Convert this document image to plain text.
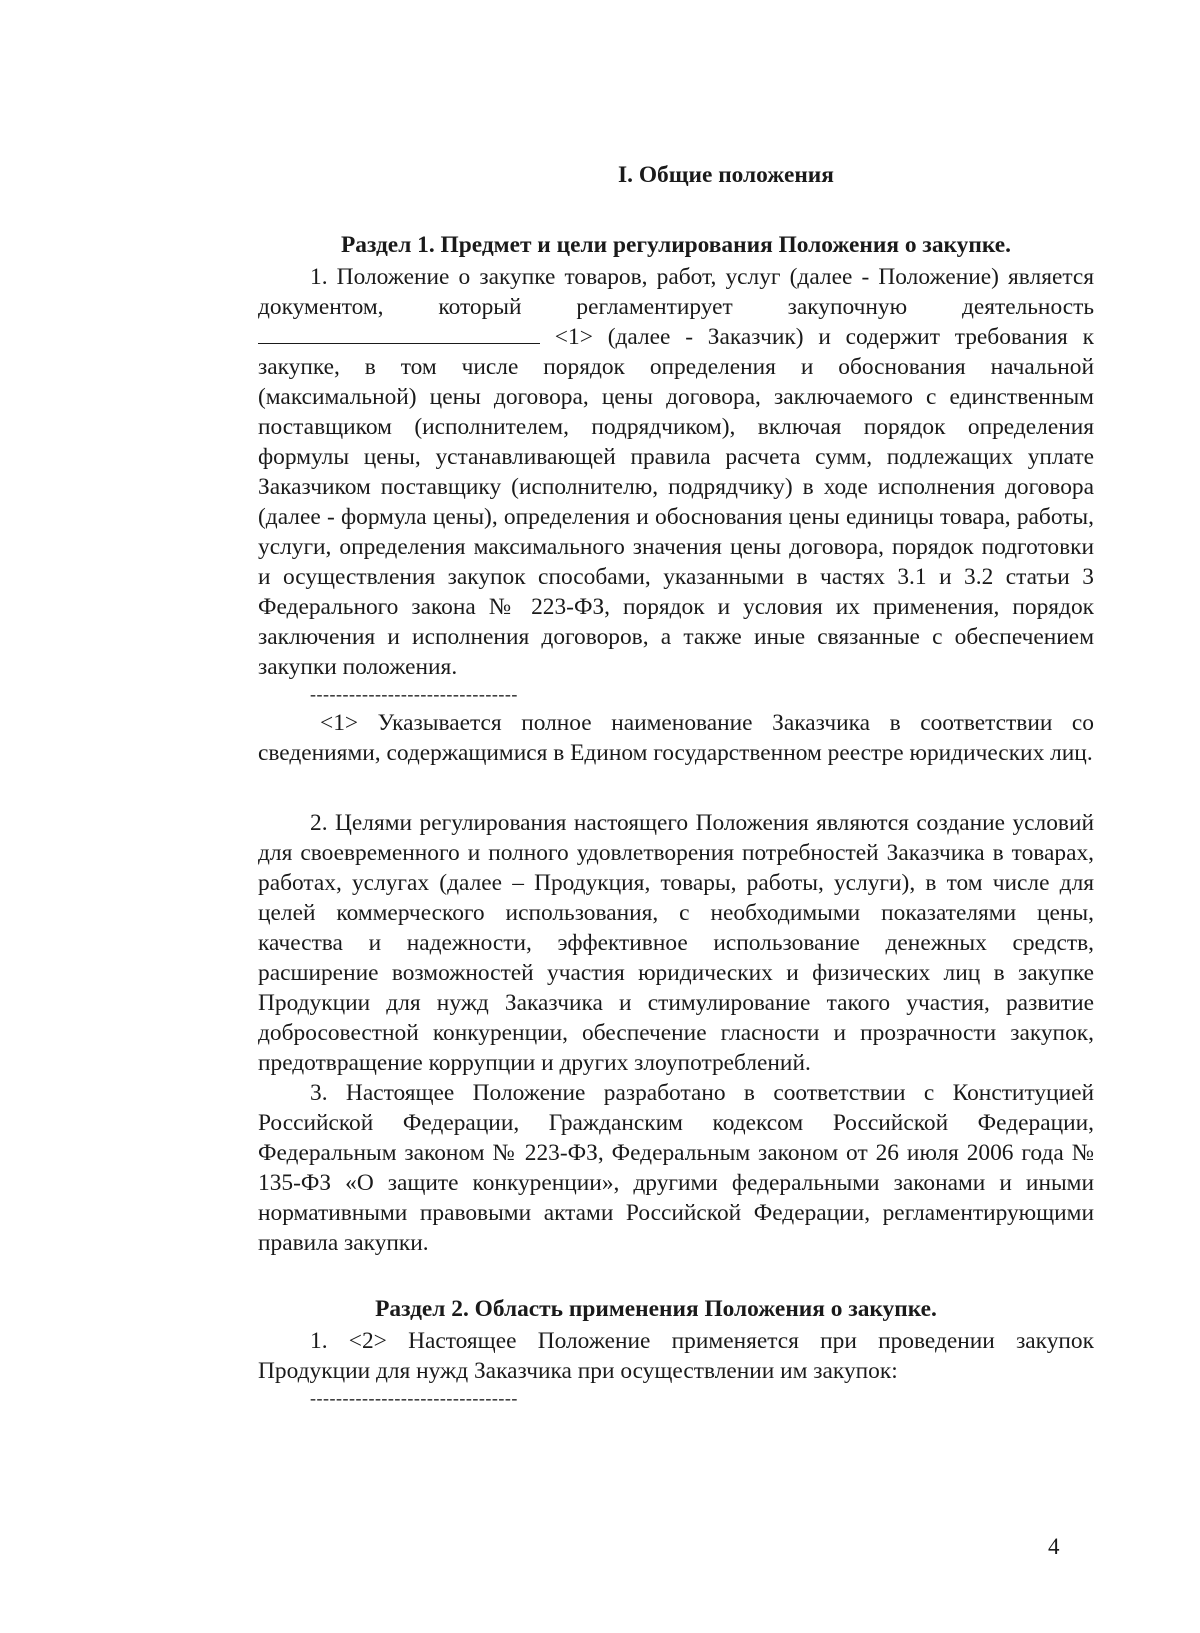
I. Общие положения
Раздел 1. Предмет и цели регулирования Положения о закупке.

1. Положение о закупке товаров, работ, услуг (далее - Положение) является документом, который регламентирует закупочную деятельность  <1> (далее - Заказчик) и содержит требования к закупке, в том числе порядок определения и обоснования начальной (максимальной) цены договора, цены договора, заключаемого с единственным поставщиком (исполнителем, подрядчиком), включая порядок определения формулы цены, устанавливающей правила расчета сумм, подлежащих уплате Заказчиком поставщику (исполнителю, подрядчику) в ходе исполнения договора (далее - формула цены), определения и обоснования цены единицы товара, работы, услуги, определения максимального значения цены договора, порядок подготовки и осуществления закупок способами, указанными в частях 3.1 и 3.2 статьи 3 Федерального закона № 223-ФЗ, порядок и условия их применения, порядок заключения и исполнения договоров, а также иные связанные с обеспечением закупки положения.

--------------------------------

<1> Указывается полное наименование Заказчика в соответствии со сведениями, содержащимися в Едином государственном реестре юридических лиц.

2. Целями регулирования настоящего Положения являются создание условий для своевременного и полного удовлетворения потребностей Заказчика в товарах, работах, услугах (далее – Продукция, товары, работы, услуги), в том числе для целей коммерческого использования, с необходимыми показателями цены, качества и надежности, эффективное использование денежных средств, расширение возможностей участия юридических и физических лиц в закупке Продукции для нужд Заказчика и стимулирование такого участия, развитие добросовестной конкуренции, обеспечение гласности и прозрачности закупок, предотвращение коррупции и других злоупотреблений.

3. Настоящее Положение разработано в соответствии с Конституцией Российской Федерации, Гражданским кодексом Российской Федерации, Федеральным законом № 223-ФЗ, Федеральным законом от 26 июля 2006 года № 135-ФЗ «О защите конкуренции», другими федеральными законами и иными нормативными правовыми актами Российской Федерации, регламентирующими правила закупки.

Раздел 2. Область применения Положения о закупке.

1. <2> Настоящее Положение применяется при проведении закупок Продукции для нужд Заказчика при осуществлении им закупок:

--------------------------------
4
